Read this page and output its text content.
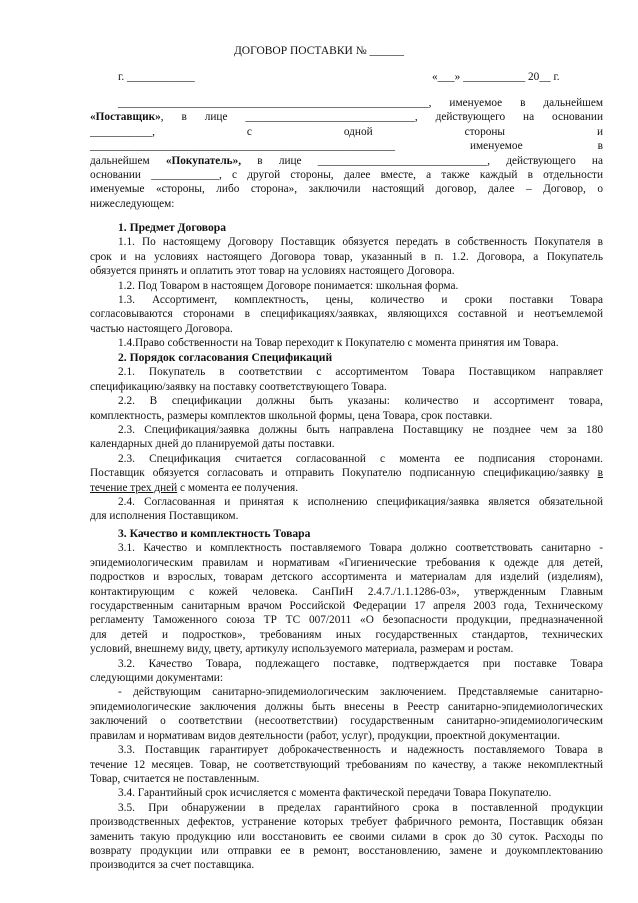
ДОГОВОР ПОСТАВКИ № ______
г. ____________	«___» ___________ 20__ г.

_______________________________________________________, именуемое в дальнейшем

«Поставщик», в лице ______________________________, действующего на основании

___________, с одной стороны и

______________________________________________________ именуемое в

дальнейшем «Покупатель», в лице ______________________________, действующего на

основании ____________, с другой стороны, далее вместе, а также каждый в отдельности

именуемые «стороны, либо сторона», заключили настоящий договор, далее – Договор, о

нижеследующем:

1. Предмет Договора

1.1. По настоящему Договору Поставщик обязуется передать в собственность Покупателя в

срок и на условиях настоящего Договора товар, указанный в п. 1.2. Договора, а Покупатель

обязуется принять и оплатить этот товар на условиях настоящего Договора.

1.2. Под Товаром в настоящем Договоре понимается: школьная форма.

1.3. Ассортимент, комплектность, цены, количество и сроки поставки Товара

согласовываются сторонами в спецификациях/заявках, являющихся составной и неотъемлемой

частью настоящего Договора.

1.4.Право собственности на Товар переходит к Покупателю с момента принятия им Товара.

2. Порядок согласования Спецификаций

2.1. Покупатель в соответствии с ассортиментом Товара Поставщиком направляет

спецификацию/заявку на поставку соответствующего Товара.

2.2. В спецификации должны быть указаны: количество и ассортимент товара,

комплектность, размеры комплектов школьной формы, цена Товара, срок поставки.

2.3. Спецификация/заявка должны быть направлена Поставщику не позднее чем за 180

календарных дней до планируемой даты поставки.

2.3. Спецификация считается согласованной с момента ее подписания сторонами.

Поставщик обязуется согласовать и отправить Покупателю подписанную спецификацию/заявку в

течение трех дней с момента ее получения.

2.4. Согласованная и принятая к исполнению спецификация/заявка является обязательной

для исполнения Поставщиком.

3. Качество и комплектность Товара

3.1. Качество и комплектность поставляемого Товара должно соответствовать санитарно -

эпидемиологическим правилам и нормативам «Гигиенические требования к одежде для детей,

подростков и взрослых, товарам детского ассортимента и материалам для изделий (изделиям),

контактирующим с кожей человека. СанПиН 2.4.7./1.1.1286-03», утвержденным Главным

государственным санитарным врачом Российской Федерации 17 апреля 2003 года, Техническому

регламенту Таможенного союза ТР ТС 007/2011 «О безопасности продукции, предназначенной

для детей и подростков», требованиям иных государственных стандартов, технических

условий, внешнему виду, цвету, артикулу используемого материала, размерам и ростам.

3.2. Качество Товара, подлежащего поставке, подтверждается при поставке Товара

следующими документами:

- действующим санитарно-эпидемиологическим заключением. Представляемые санитарно-

эпидемиологические заключения должны быть внесены в Реестр санитарно-эпидемиологических

заключений о соответствии (несоответствии) государственным санитарно-эпидемиологическим

правилам и нормативам видов деятельности (работ, услуг), продукции, проектной документации.

3.3. Поставщик гарантирует доброкачественность и надежность поставляемого Товара в

течение 12 месяцев. Товар, не соответствующий требованиям по качеству, а также некомплектный

Товар, считается не поставленным.

3.4. Гарантийный срок исчисляется с момента фактической передачи Товара Покупателю.

3.5. При обнаружении в пределах гарантийного срока в поставленной продукции

производственных дефектов, устранение которых требует фабричного ремонта, Поставщик обязан

заменить такую продукцию или восстановить ее своими силами в срок до 30 суток. Расходы по

возврату продукции или отправки ее в ремонт, восстановлению, замене и доукомплектованию

производится за счет поставщика.
